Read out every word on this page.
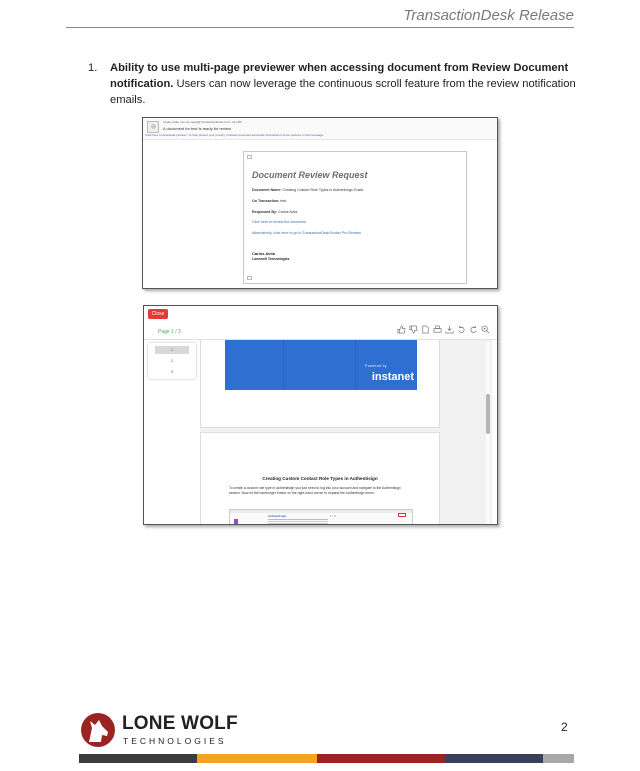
TransactionDesk Release
1. Ability to use multi-page previewer when accessing document from Review Document notification. Users can now leverage the continuous scroll feature from the review notification emails.
Carlos Avila <do-not-reply@TransactionDesk.com> Jan 8th
A document for test is ready for review
Click here to download pictures. To help protect your privacy, Outlook prevented automatic download of some pictures in this message.
Document Review Request
Document Name: Creating Custom Role Types in Authentisign Guide
On Transaction: test
Requested By: Carlos Avila
Click here to review the document
Alternatively, click here to go to TransactionDesk Broker Pro Rewiew
Carlos Avila
Lonewolf Technologies
Close
Page 1 / 3
1
2
3
Powered by
instanet
Creating Custom Contact Role Types in Authentisign
To create a custom role type in authentisign you just need to log into your account and navigate to the Authentisign section. Now hit the hamburger button on the right-hand corner to expand the Authentisign menu.
Authentisign	1 / 2
LONE WOLF
TECHNOLOGIES
2
